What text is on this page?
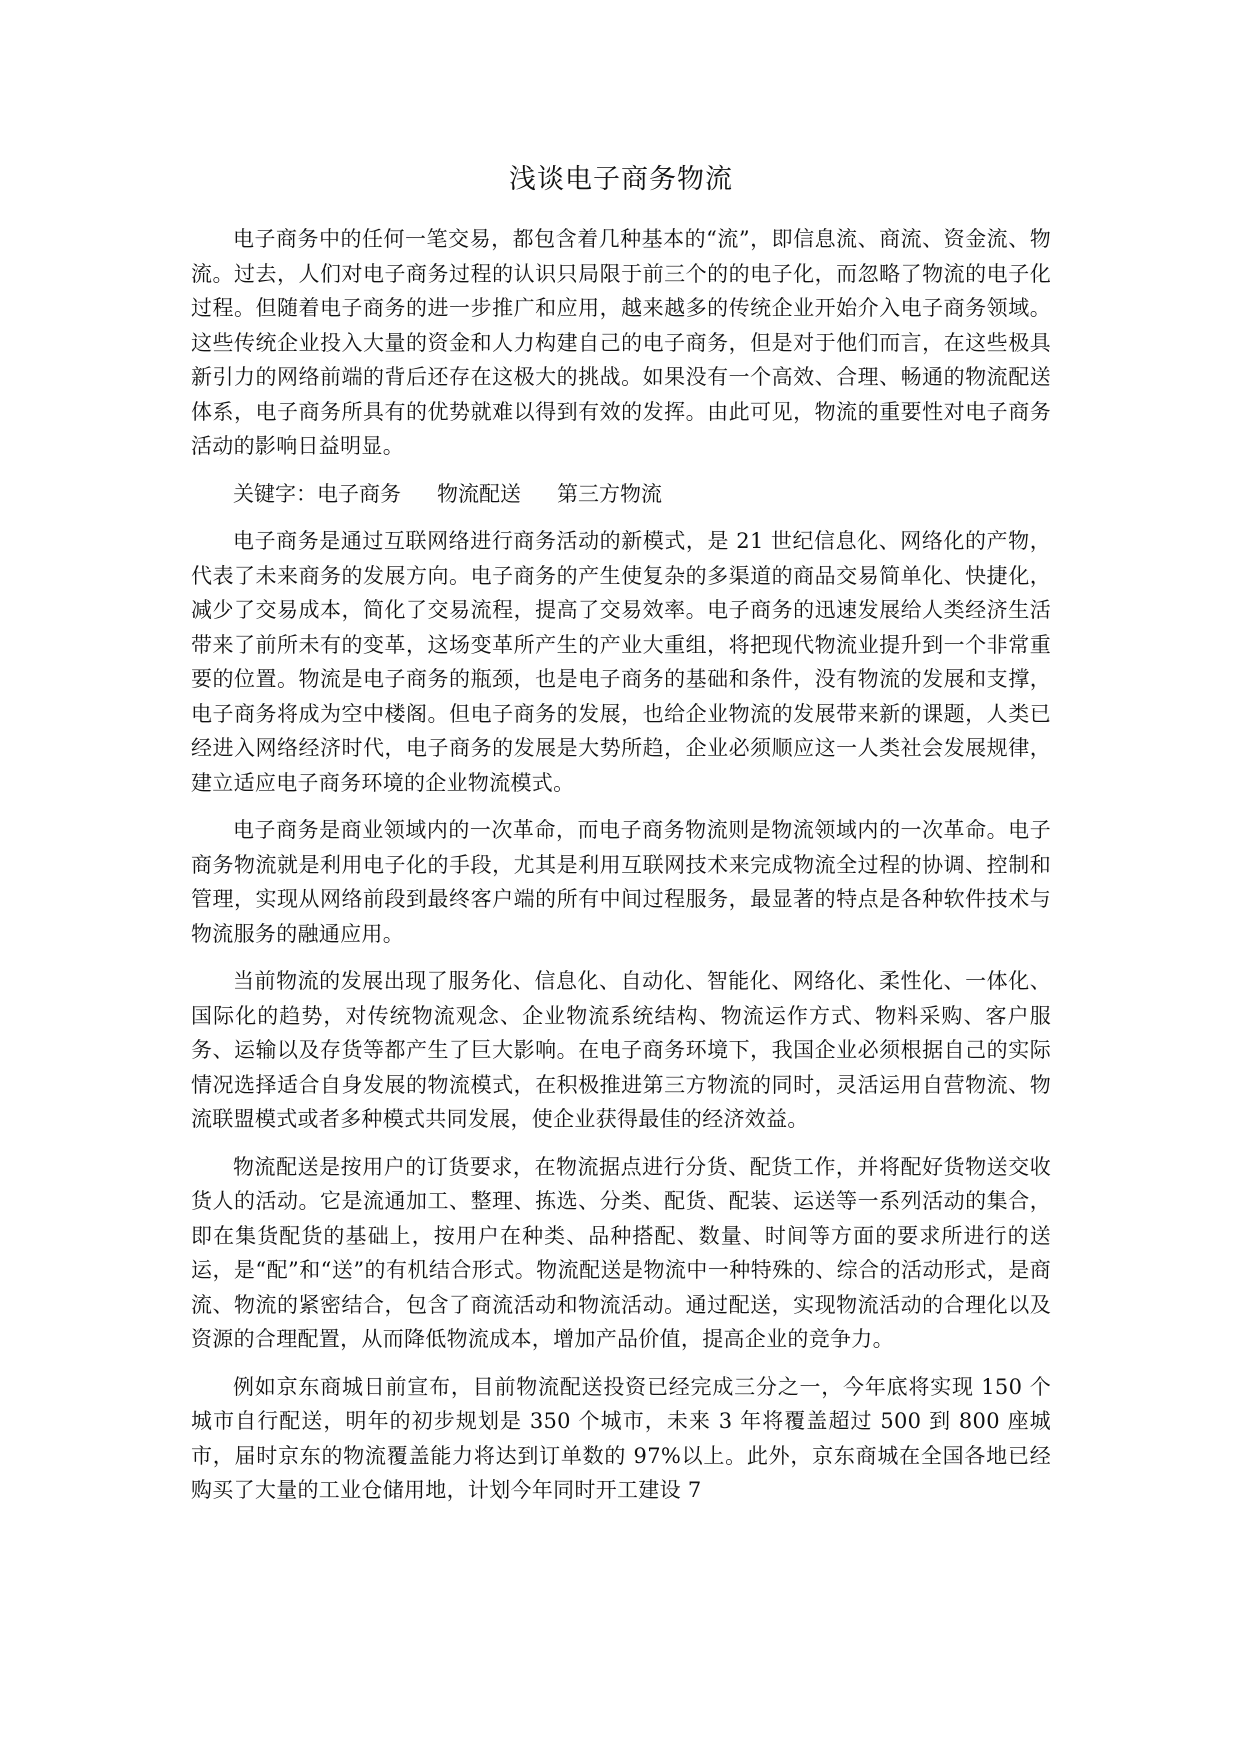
浅谈电子商务物流

电子商务中的任何一笔交易，都包含着几种基本的“流”，即信息流、商流、资金流、物流。过去，人们对电子商务过程的认识只局限于前三个的的电子化，而忽略了物流的电子化过程。但随着电子商务的进一步推广和应用，越来越多的传统企业开始介入电子商务领域。这些传统企业投入大量的资金和人力构建自己的电子商务，但是对于他们而言，在这些极具新引力的网络前端的背后还存在这极大的挑战。如果没有一个高效、合理、畅通的物流配送体系，电子商务所具有的优势就难以得到有效的发挥。由此可见，物流的重要性对电子商务活动的影响日益明显。

关键字：电子商务 物流配送 第三方物流

电子商务是通过互联网络进行商务活动的新模式，是 21 世纪信息化、网络化的产物，代表了未来商务的发展方向。电子商务的产生使复杂的多渠道的商品交易简单化、快捷化，减少了交易成本，简化了交易流程，提高了交易效率。电子商务的迅速发展给人类经济生活带来了前所未有的变革，这场变革所产生的产业大重组，将把现代物流业提升到一个非常重要的位置。物流是电子商务的瓶颈，也是电子商务的基础和条件，没有物流的发展和支撑，电子商务将成为空中楼阁。但电子商务的发展，也给企业物流的发展带来新的课题，人类已经进入网络经济时代，电子商务的发展是大势所趋，企业必须顺应这一人类社会发展规律，建立适应电子商务环境的企业物流模式。

电子商务是商业领域内的一次革命，而电子商务物流则是物流领域内的一次革命。电子商务物流就是利用电子化的手段，尤其是利用互联网技术来完成物流全过程的协调、控制和管理，实现从网络前段到最终客户端的所有中间过程服务，最显著的特点是各种软件技术与物流服务的融通应用。

当前物流的发展出现了服务化、信息化、自动化、智能化、网络化、柔性化、一体化、国际化的趋势，对传统物流观念、企业物流系统结构、物流运作方式、物料采购、客户服务、运输以及存货等都产生了巨大影响。在电子商务环境下，我国企业必须根据自己的实际情况选择适合自身发展的物流模式，在积极推进第三方物流的同时，灵活运用自营物流、物流联盟模式或者多种模式共同发展，使企业获得最佳的经济效益。

物流配送是按用户的订货要求，在物流据点进行分货、配货工作，并将配好货物送交收货人的活动。它是流通加工、整理、拣选、分类、配货、配装、运送等一系列活动的集合，即在集货配货的基础上，按用户在种类、品种搭配、数量、时间等方面的要求所进行的送运，是“配”和“送”的有机结合形式。物流配送是物流中一种特殊的、综合的活动形式，是商流、物流的紧密结合，包含了商流活动和物流活动。通过配送，实现物流活动的合理化以及资源的合理配置，从而降低物流成本，增加产品价值，提高企业的竞争力。

例如京东商城日前宣布，目前物流配送投资已经完成三分之一，今年底将实现 150 个城市自行配送，明年的初步规划是 350 个城市，未来 3 年将覆盖超过 500 到 800 座城市，届时京东的物流覆盖能力将达到订单数的 97%以上。此外，京东商城在全国各地已经购买了大量的工业仓储用地，计划今年同时开工建设 7
